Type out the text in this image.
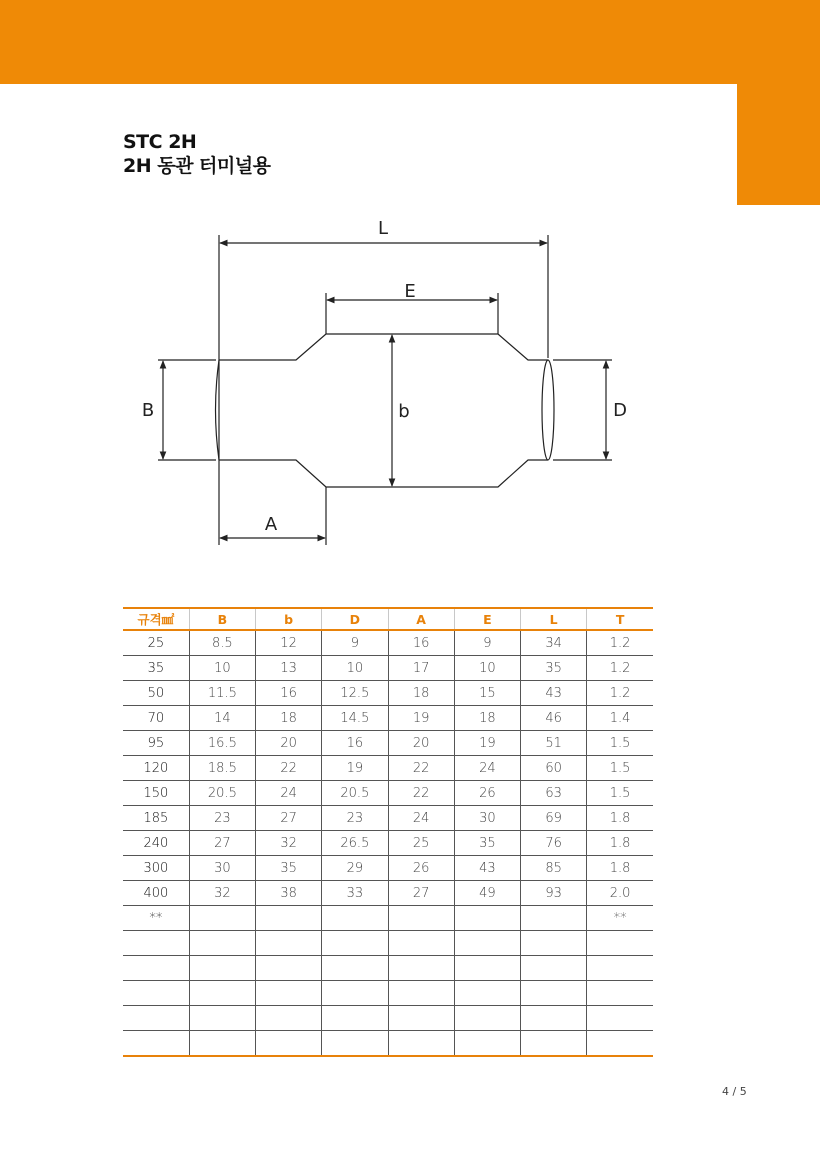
STC 2H
2H 동관 터미널용
L
E
B	b	D
A
규격㎟	B	b	D	A	E	L	T
25	8.5	12	9	16	9	34	1.2
35	10	13	10	17	10	35	1.2
50	11.5	16	12.5	18	15	43	1.2
70	14	18	14.5	19	18	46	1.4
95	16.5	20	16	20	19	51	1.5
120	18.5	22	19	22	24	60	1.5
150	20.5	24	20.5	22	26	63	1.5
185	23	27	23	24	30	69	1.8
240	27	32	26.5	25	35	76	1.8
300	30	35	29	26	43	85	1.8
400	32	38	33	27	49	93	2.0
**							**

4 / 5
